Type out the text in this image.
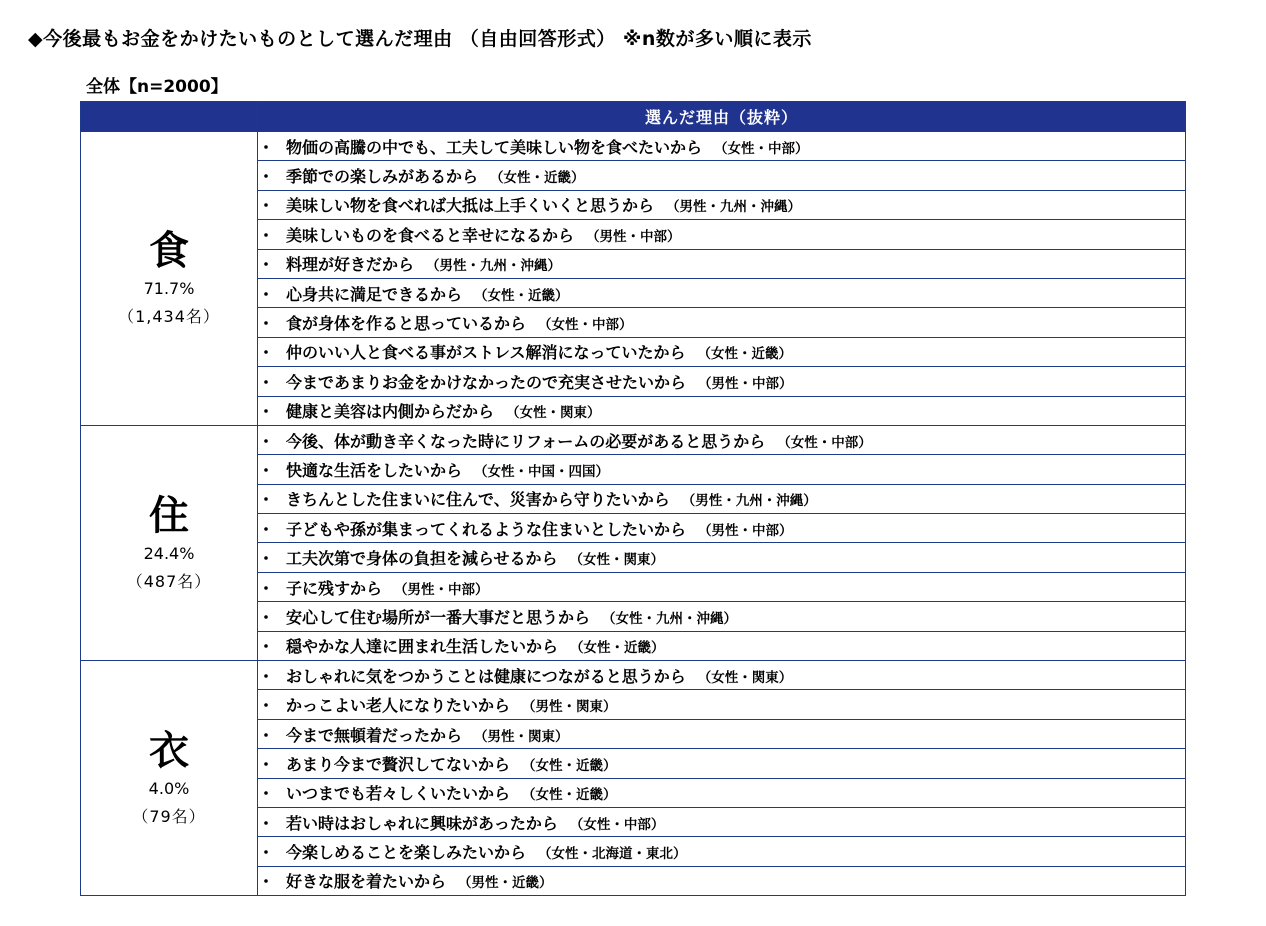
◆今後最もお金をかけたいものとして選んだ理由 （自由回答形式） ※n数が多い順に表示
全体【n=2000】
	選んだ理由（抜粋）

食
71.7%
（1,434名）	・ 物価の高騰の中でも、工夫して美味しい物を食べたいから （女性・中部）
	・ 季節での楽しみがあるから （女性・近畿）
	・ 美味しい物を食べれば大抵は上手くいくと思うから （男性・九州・沖縄）
	・ 美味しいものを食べると幸せになるから （男性・中部）
	・ 料理が好きだから （男性・九州・沖縄）
	・ 心身共に満足できるから （女性・近畿）
	・ 食が身体を作ると思っているから （女性・中部）
	・ 仲のいい人と食べる事がストレス解消になっていたから （女性・近畿）
	・ 今まであまりお金をかけなかったので充実させたいから （男性・中部）
	・ 健康と美容は内側からだから （女性・関東）

住
24.4%
（487名）	・ 今後、体が動き辛くなった時にリフォームの必要があると思うから （女性・中部）
	・ 快適な生活をしたいから （女性・中国・四国）
	・ きちんとした住まいに住んで、災害から守りたいから （男性・九州・沖縄）
	・ 子どもや孫が集まってくれるような住まいとしたいから （男性・中部）
	・ 工夫次第で身体の負担を減らせるから （女性・関東）
	・ 子に残すから （男性・中部）
	・ 安心して住む場所が一番大事だと思うから （女性・九州・沖縄）
	・ 穏やかな人達に囲まれ生活したいから （女性・近畿）

衣
4.0%
（79名）	・ おしゃれに気をつかうことは健康につながると思うから （女性・関東）
	・ かっこよい老人になりたいから （男性・関東）
	・ 今まで無頓着だったから （男性・関東）
	・ あまり今まで贅沢してないから （女性・近畿）
	・ いつまでも若々しくいたいから （女性・近畿）
	・ 若い時はおしゃれに興味があったから （女性・中部）
	・ 今楽しめることを楽しみたいから （女性・北海道・東北）
	・ 好きな服を着たいから （男性・近畿）
